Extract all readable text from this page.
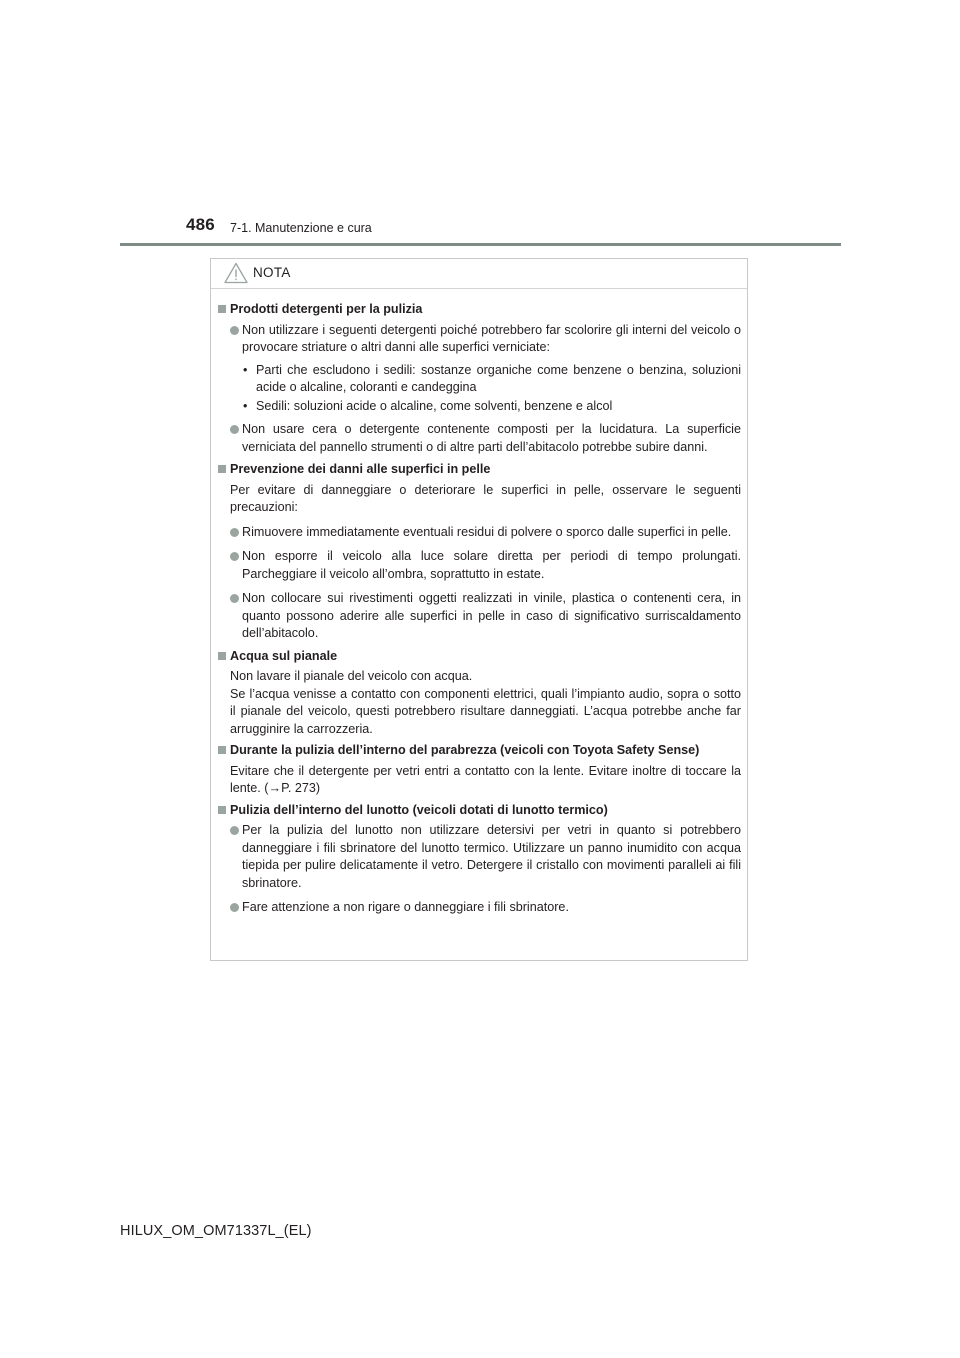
486 7-1. Manutenzione e cura
NOTA
Prodotti detergenti per la pulizia
Non utilizzare i seguenti detergenti poiché potrebbero far scolorire gli interni del veicolo o provocare striature o altri danni alle superfici verniciate:
• Parti che escludono i sedili: sostanze organiche come benzene o benzina, soluzioni acide o alcaline, coloranti e candeggina
• Sedili: soluzioni acide o alcaline, come solventi, benzene e alcol
Non usare cera o detergente contenente composti per la lucidatura. La superficie verniciata del pannello strumenti o di altre parti dell’abitacolo potrebbe subire danni.
Prevenzione dei danni alle superfici in pelle
Per evitare di danneggiare o deteriorare le superfici in pelle, osservare le seguenti precauzioni:
Rimuovere immediatamente eventuali residui di polvere o sporco dalle superfici in pelle.
Non esporre il veicolo alla luce solare diretta per periodi di tempo prolungati. Parcheggiare il veicolo all’ombra, soprattutto in estate.
Non collocare sui rivestimenti oggetti realizzati in vinile, plastica o contenenti cera, in quanto possono aderire alle superfici in pelle in caso di significativo surriscaldamento dell’abitacolo.
Acqua sul pianale
Non lavare il pianale del veicolo con acqua.
Se l’acqua venisse a contatto con componenti elettrici, quali l’impianto audio, sopra o sotto il pianale del veicolo, questi potrebbero risultare danneggiati. L’acqua potrebbe anche far arrugginire la carrozzeria.
Durante la pulizia dell’interno del parabrezza (veicoli con Toyota Safety Sense)
Evitare che il detergente per vetri entri a contatto con la lente. Evitare inoltre di toccare la lente. (→P. 273)
Pulizia dell’interno del lunotto (veicoli dotati di lunotto termico)
Per la pulizia del lunotto non utilizzare detersivi per vetri in quanto si potrebbero danneggiare i fili sbrinatore del lunotto termico. Utilizzare un panno inumidito con acqua tiepida per pulire delicatamente il vetro. Detergere il cristallo con movimenti paralleli ai fili sbrinatore.
Fare attenzione a non rigare o danneggiare i fili sbrinatore.
HILUX_OM_OM71337L_(EL)
